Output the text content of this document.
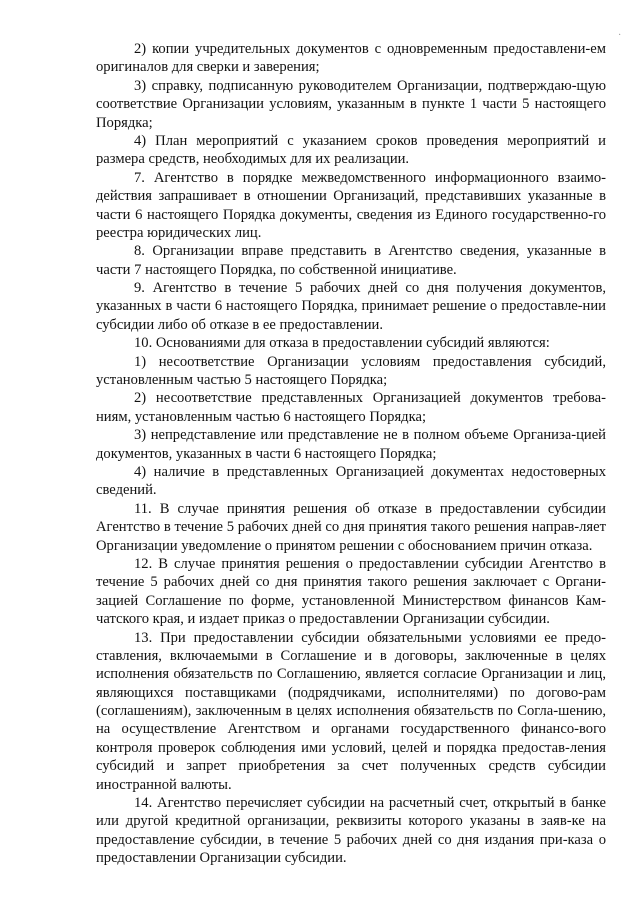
·

2) копии учредительных документов с одновременным предоставлени-ем оригиналов для сверки и заверения;

3) справку, подписанную руководителем Организации, подтверждаю-щую соответствие Организации условиям, указанным в пункте 1 части 5 настоящего Порядка;

4) План мероприятий с указанием сроков проведения мероприятий и размера средств, необходимых для их реализации.

7. Агентство в порядке межведомственного информационного взаимо-действия запрашивает в отношении Организаций, представивших указанные в части 6 настоящего Порядка документы, сведения из Единого государственно-го реестра юридических лиц.

8. Организации вправе представить в Агентство сведения, указанные в части 7 настоящего Порядка, по собственной инициативе.

9. Агентство в течение 5 рабочих дней со дня получения документов, указанных в части 6 настоящего Порядка, принимает решение о предоставле-нии субсидии либо об отказе в ее предоставлении.

10. Основаниями для отказа в предоставлении субсидий являются:

1) несоответствие Организации условиям предоставления субсидий, установленным частью 5 настоящего Порядка;

2) несоответствие представленных Организацией документов требова-ниям, установленным частью 6 настоящего Порядка;

3) непредставление или представление не в полном объеме Организа-цией документов, указанных в части 6 настоящего Порядка;

4) наличие в представленных Организацией документах недостоверных сведений.

11. В случае принятия решения об отказе в предоставлении субсидии Агентство в течение 5 рабочих дней со дня принятия такого решения направ-ляет Организации уведомление о принятом решении с обоснованием причин отказа.

12. В случае принятия решения о предоставлении субсидии Агентство в течение 5 рабочих дней со дня принятия такого решения заключает с Органи-зацией Соглашение по форме, установленной Министерством финансов Кам-чатского края, и издает приказ о предоставлении Организации субсидии.

13. При предоставлении субсидии обязательными условиями ее предо-ставления, включаемыми в Соглашение и в договоры, заключенные в целях исполнения обязательств по Соглашению, является согласие Организации и лиц, являющихся поставщиками (подрядчиками, исполнителями) по догово-рам (соглашениям), заключенным в целях исполнения обязательств по Согла-шению, на осуществление Агентством и органами государственного финансо-вого контроля проверок соблюдения ими условий, целей и порядка предостав-ления субсидий и запрет приобретения за счет полученных средств субсидии иностранной валюты.

14. Агентство перечисляет субсидии на расчетный счет, открытый в банке или другой кредитной организации, реквизиты которого указаны в заяв-ке на предоставление субсидии, в течение 5 рабочих дней со дня издания при-каза о предоставлении Организации субсидии.
